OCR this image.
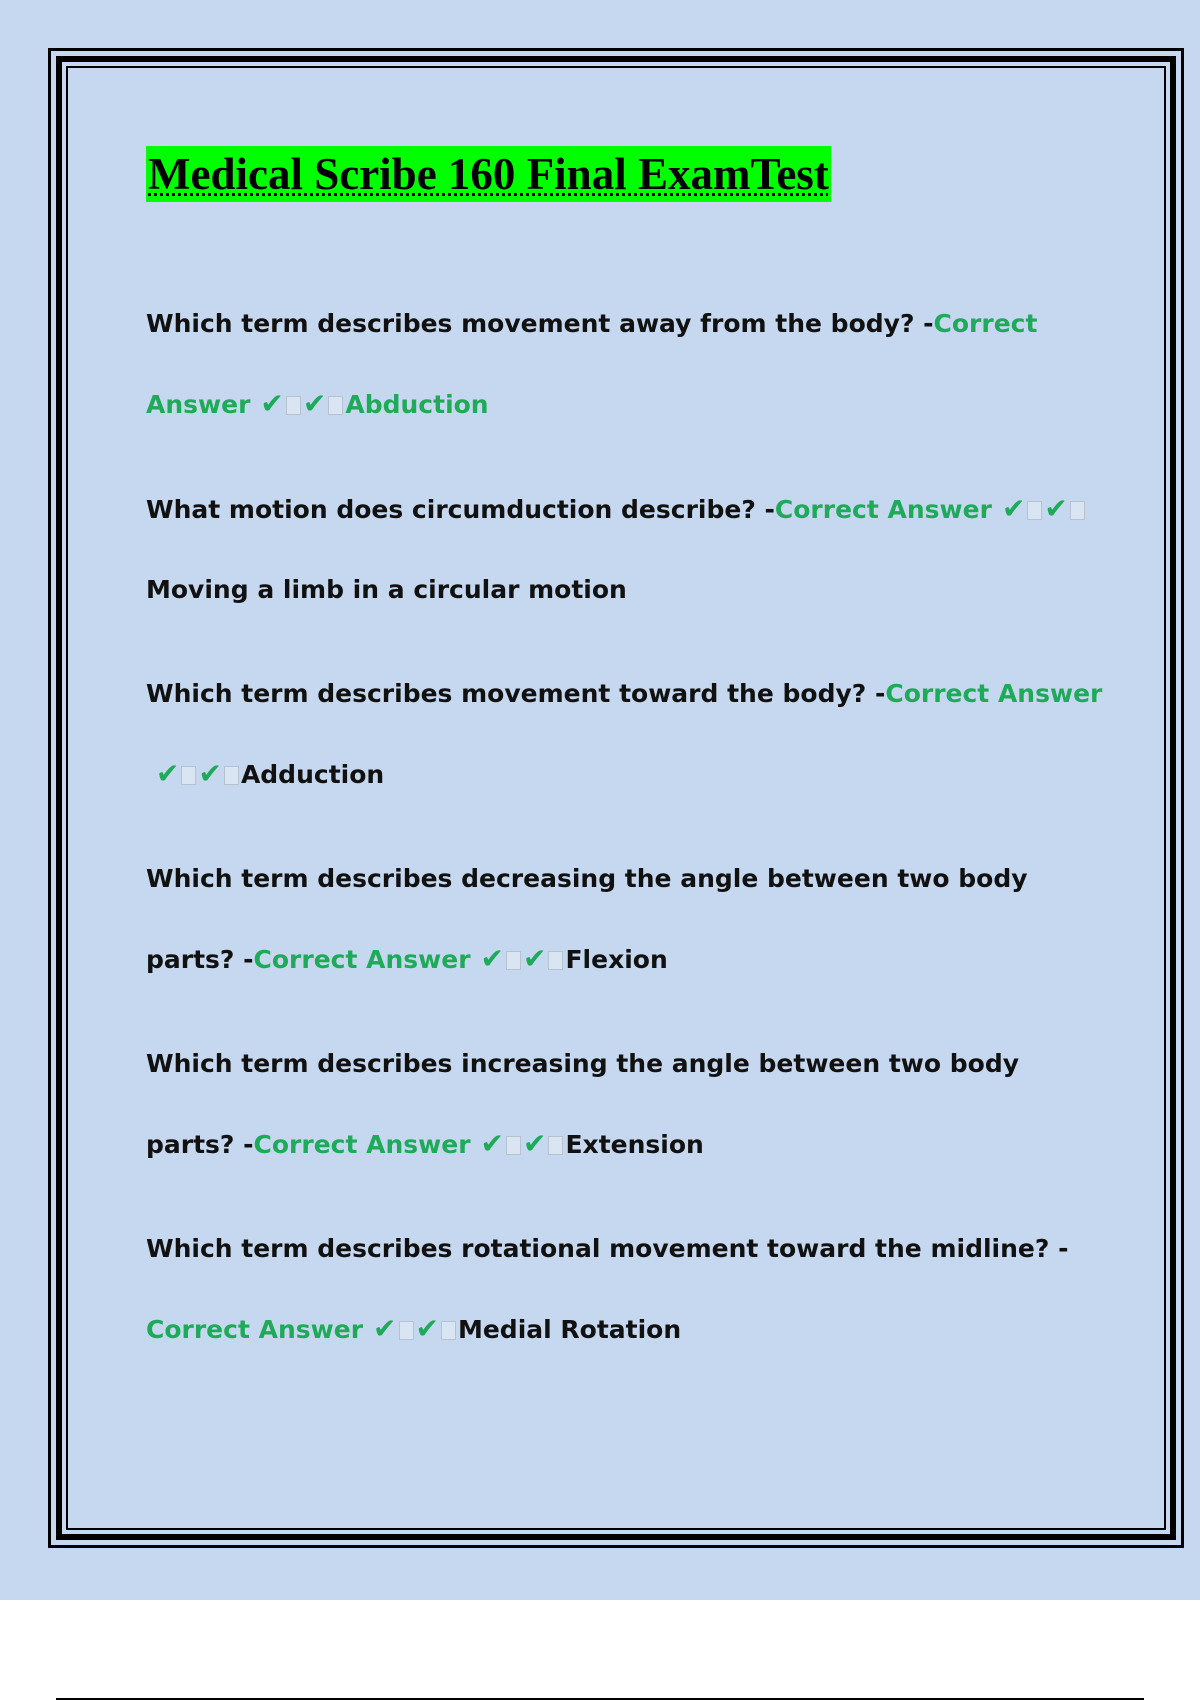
Medical Scribe 160 Final ExamTest
Which term describes movement away from the body? -Correct Answer ✔ ✔ Abduction
What motion does circumduction describe? -Correct Answer ✔ ✔Moving a limb in a circular motion
Which term describes movement toward the body? -Correct Answer✔ ✔ Adduction
Which term describes decreasing the angle between two body parts? -Correct Answer ✔ ✔ Flexion
Which term describes increasing the angle between two body parts? -Correct Answer ✔ ✔ Extension
Which term describes rotational movement toward the midline? -Correct Answer ✔ ✔ Medial Rotation
